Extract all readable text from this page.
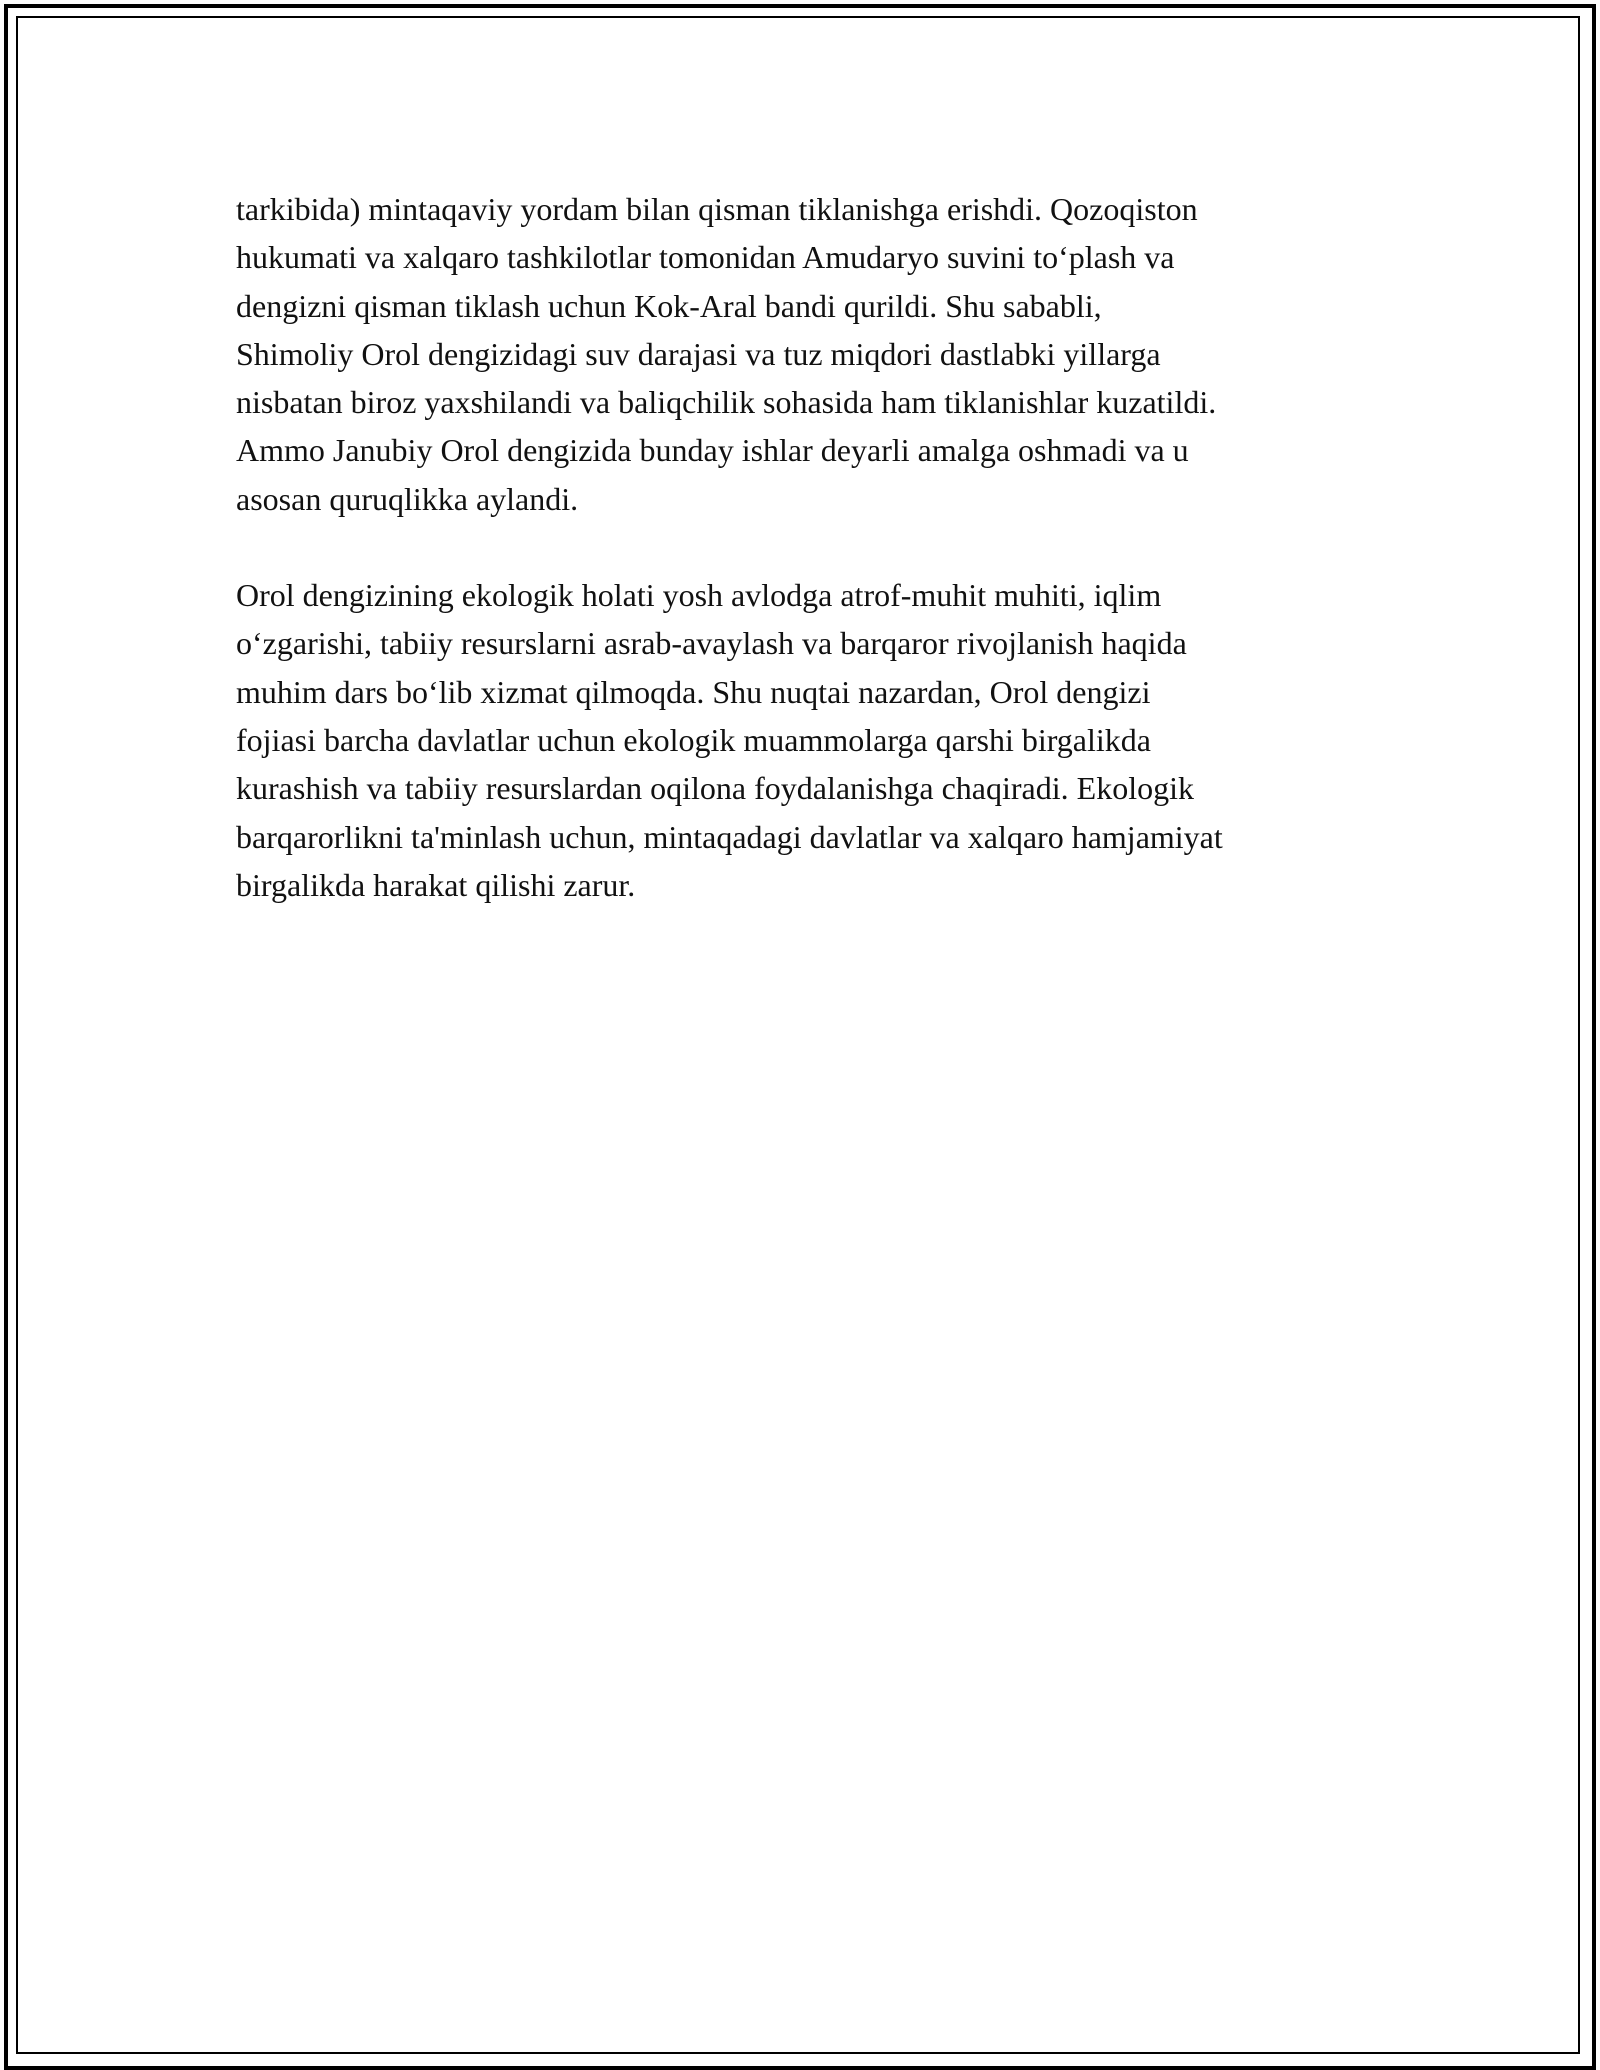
tarkibida) mintaqaviy yordam bilan qisman tiklanishga erishdi. Qozoqiston
hukumati va xalqaro tashkilotlar tomonidan Amudaryo suvini to‘plash va
dengizni qisman tiklash uchun Kok-Aral bandi qurildi. Shu sababli,
Shimoliy Orol dengizidagi suv darajasi va tuz miqdori dastlabki yillarga
nisbatan biroz yaxshilandi va baliqchilik sohasida ham tiklanishlar kuzatildi.
Ammo Janubiy Orol dengizida bunday ishlar deyarli amalga oshmadi va u
asosan quruqlikka aylandi.

Orol dengizining ekologik holati yosh avlodga atrof-muhit muhiti, iqlim
o‘zgarishi, tabiiy resurslarni asrab-avaylash va barqaror rivojlanish haqida
muhim dars bo‘lib xizmat qilmoqda. Shu nuqtai nazardan, Orol dengizi
fojiasi barcha davlatlar uchun ekologik muammolarga qarshi birgalikda
kurashish va tabiiy resurslardan oqilona foydalanishga chaqiradi. Ekologik
barqarorlikni ta'minlash uchun, mintaqadagi davlatlar va xalqaro hamjamiyat
birgalikda harakat qilishi zarur.
